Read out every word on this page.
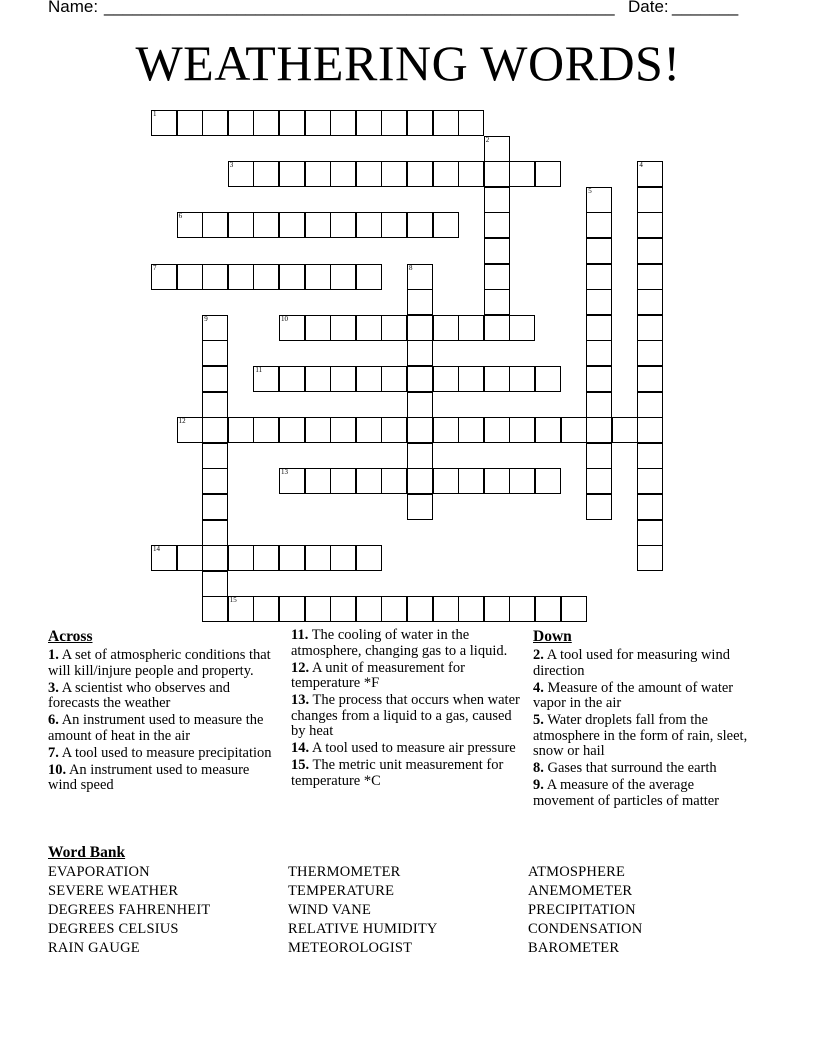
Name: ______________________________________________________ Date: _______
WEATHERING WORDS!
1
2
3	4
5
6
7	8
9	10
11
12
13
14
15
Across
1. A set of atmospheric conditions that will kill/injure people and property.
3. A scientist who observes and forecasts the weather
6. An instrument used to measure the amount of heat in the air
7. A tool used to measure precipitation
10. An instrument used to measure wind speed
11. The cooling of water in the atmosphere, changing gas to a liquid.
12. A unit of measurement for temperature *F
13. The process that occurs when water changes from a liquid to a gas, caused by heat
14. A tool used to measure air pressure
15. The metric unit measurement for temperature *C
Down
2. A tool used for measuring wind direction
4. Measure of the amount of water vapor in the air
5. Water droplets fall from the atmosphere in the form of rain, sleet, snow or hail
8. Gases that surround the earth
9. A measure of the average movement of particles of matter
Word Bank
EVAPORATION
SEVERE WEATHER
DEGREES FAHRENHEIT
DEGREES CELSIUS
RAIN GAUGE
THERMOMETER
TEMPERATURE
WIND VANE
RELATIVE HUMIDITY
METEOROLOGIST
ATMOSPHERE
ANEMOMETER
PRECIPITATION
CONDENSATION
BAROMETER
